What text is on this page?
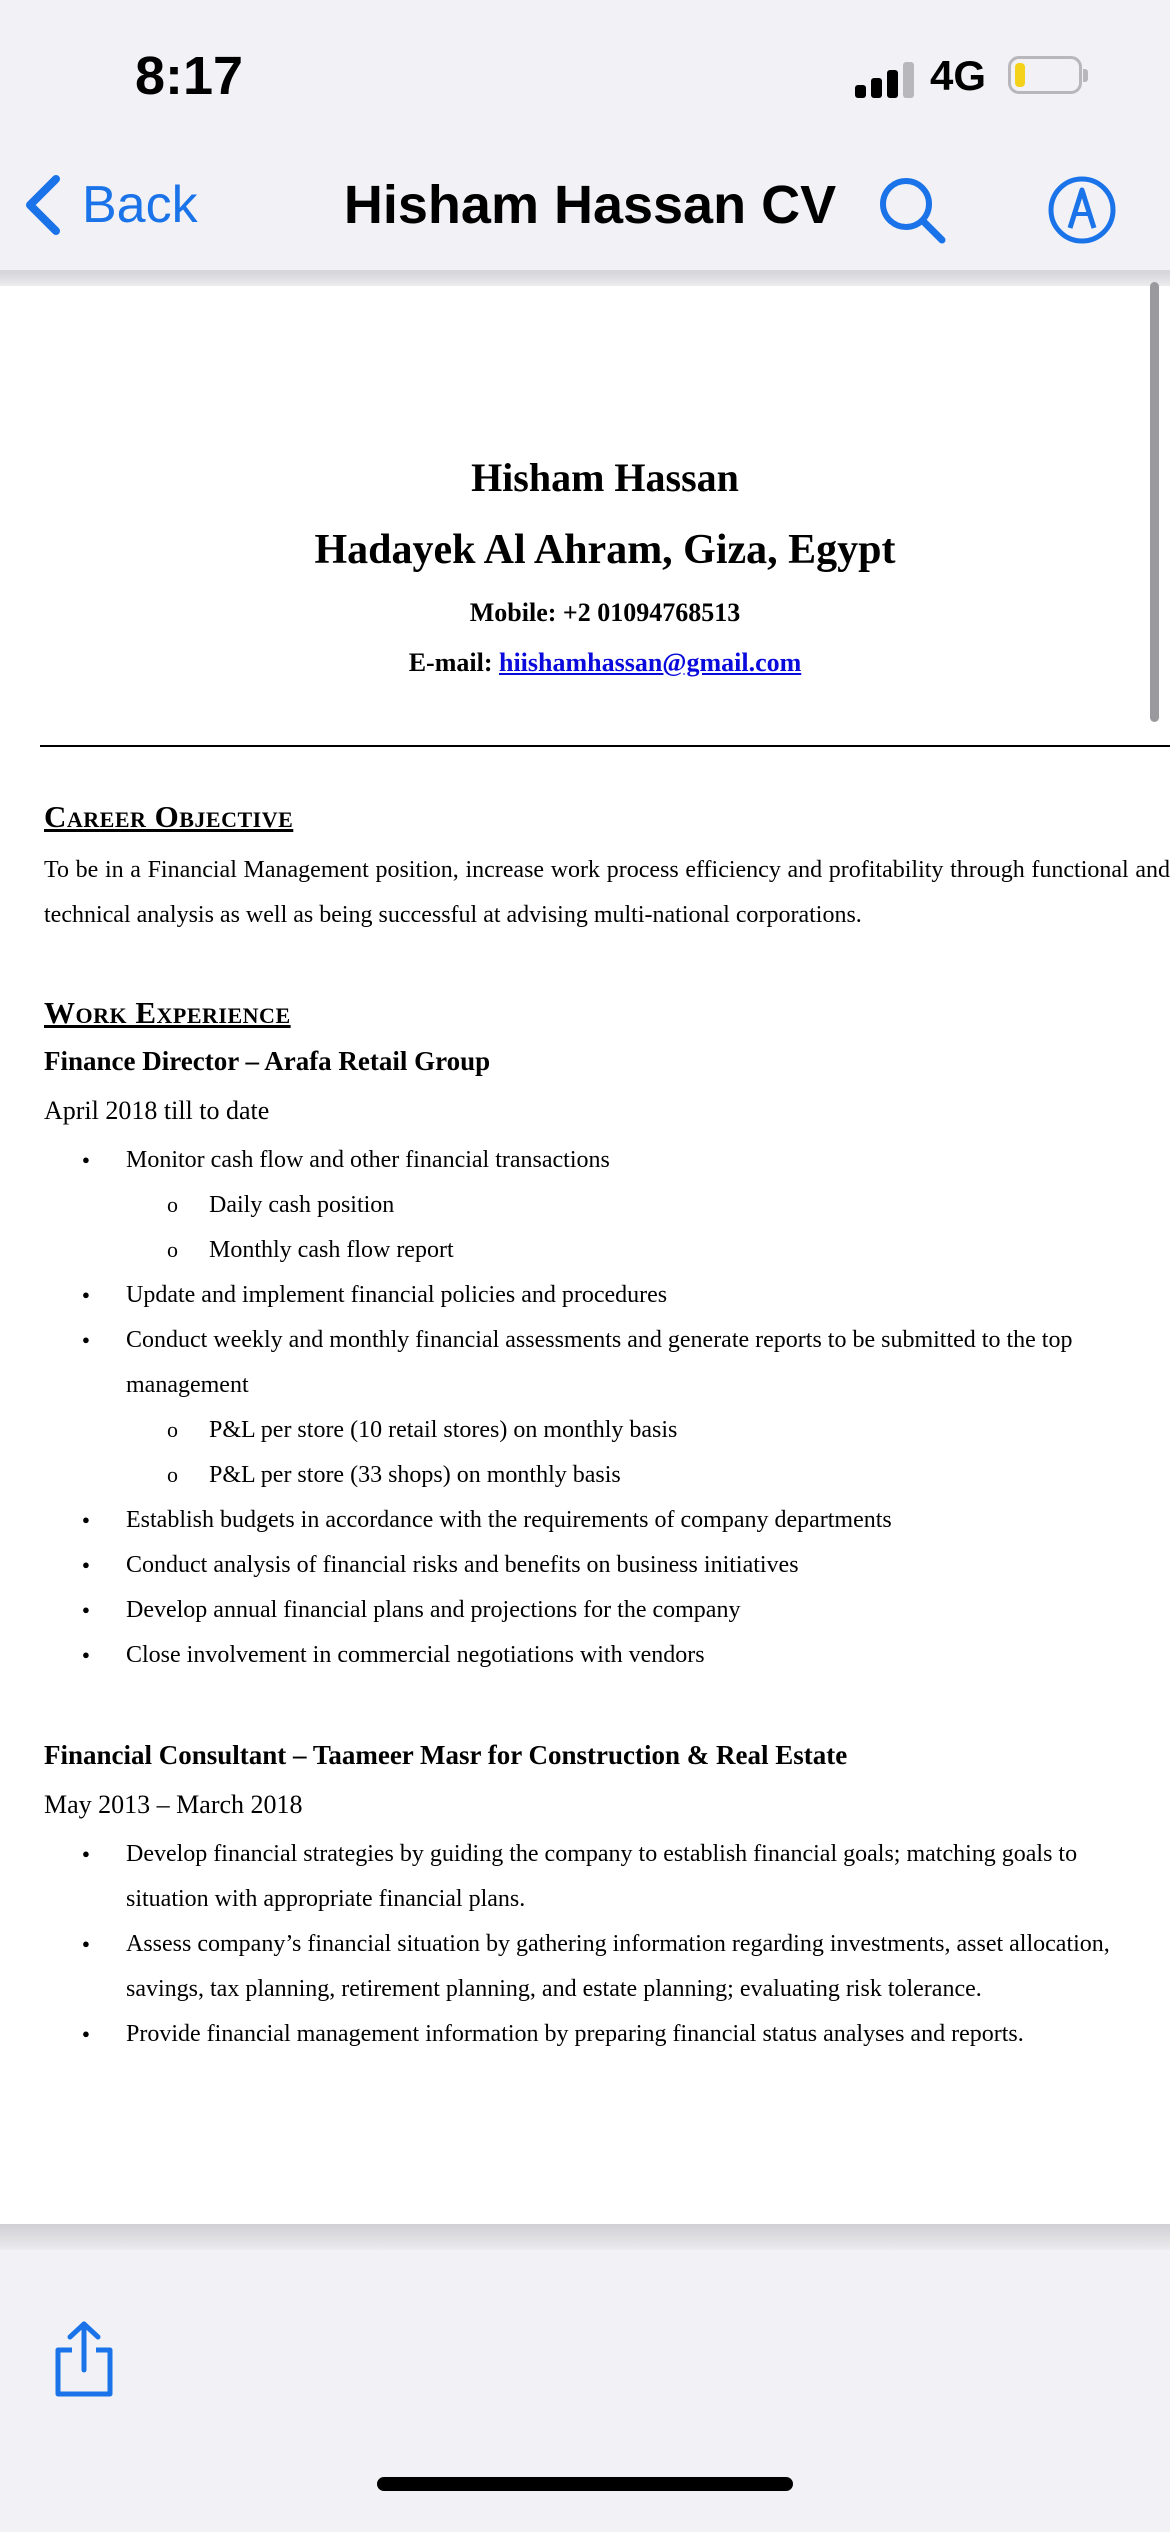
8:17	4G
Back	Hisham Hassan CV
Hisham Hassan
Hadayek Al Ahram, Giza, Egypt
Mobile: +2 01094768513
E-mail: hiishamhassan@gmail.com
Career Objective
To be in a Financial Management position, increase work process efficiency and profitability through functional and technical analysis as well as being successful at advising multi-national corporations.
Work Experience
Finance Director – Arafa Retail Group
April 2018 till to date
● Monitor cash flow and other financial transactions
o Daily cash position
o Monthly cash flow report
● Update and implement financial policies and procedures
● Conduct weekly and monthly financial assessments and generate reports to be submitted to the top management
o P&L per store (10 retail stores) on monthly basis
o P&L per store (33 shops) on monthly basis
● Establish budgets in accordance with the requirements of company departments
● Conduct analysis of financial risks and benefits on business initiatives
● Develop annual financial plans and projections for the company
● Close involvement in commercial negotiations with vendors
Financial Consultant – Taameer Masr for Construction & Real Estate
May 2013 – March 2018
● Develop financial strategies by guiding the company to establish financial goals; matching goals to situation with appropriate financial plans.
● Assess company’s financial situation by gathering information regarding investments, asset allocation, savings, tax planning, retirement planning, and estate planning; evaluating risk tolerance.
● Provide financial management information by preparing financial status analyses and reports.
